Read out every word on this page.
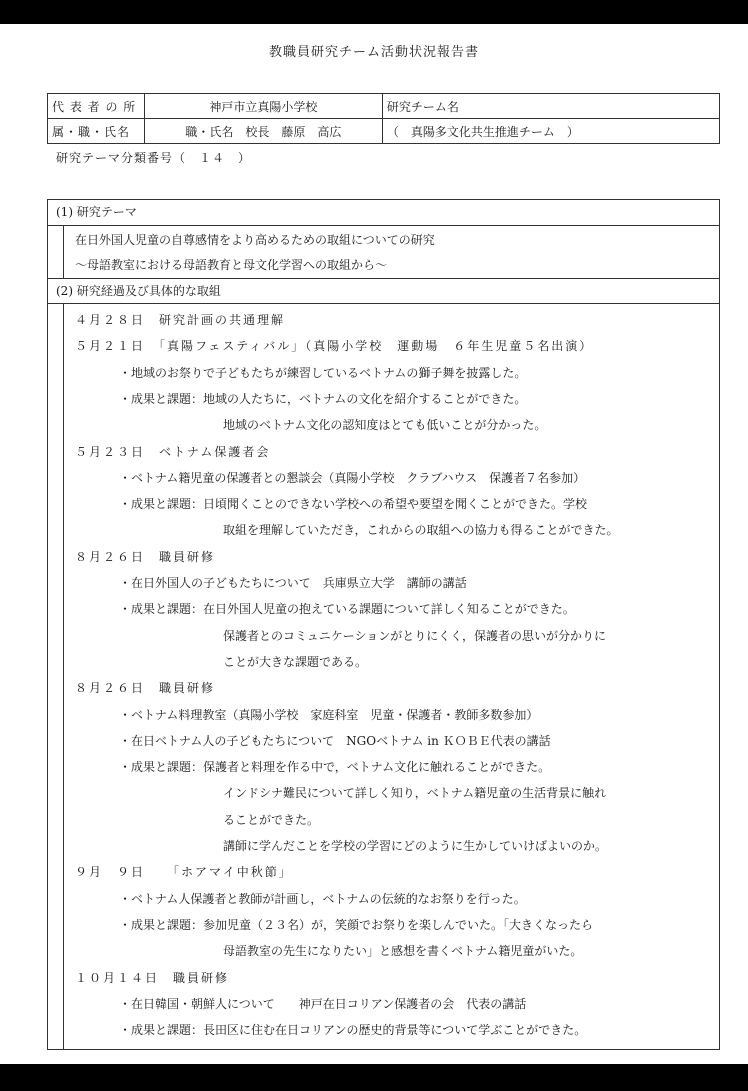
教職員研究チーム活動状況報告書
代 表 者 の 所	神戸市立真陽小学校	研究チーム名
属・職・氏名	職・氏名　校長　藤原　高広	（　真陽多文化共生推進チーム　）
研究テーマ分類番号（　１４　）
(1) 研究テーマ
在日外国人児童の自尊感情をより高めるための取組についての研究
～母語教室における母語教育と母文化学習への取組から～
(2) 研究経過及び具体的な取組
４月２８日　研究計画の共通理解
５月２１日　「真陽フェスティバル」（真陽小学校　運動場　６年生児童５名出演）
・地域のお祭りで子どもたちが練習しているベトナムの獅子舞を披露した。
・成果と課題：地域の人たちに，ベトナムの文化を紹介することができた。
地域のベトナム文化の認知度はとても低いことが分かった。
５月２３日　ベトナム保護者会
・ベトナム籍児童の保護者との懇談会（真陽小学校　クラブハウス　保護者７名参加）
・成果と課題：日頃聞くことのできない学校への希望や要望を聞くことができた。学校
取組を理解していただき，これからの取組への協力も得ることができた。
８月２６日　職員研修
・在日外国人の子どもたちについて　兵庫県立大学　講師の講話
・成果と課題：在日外国人児童の抱えている課題について詳しく知ることができた。
保護者とのコミュニケーションがとりにくく，保護者の思いが分かりに
ことが大きな課題である。
８月２６日　職員研修
・ベトナム料理教室（真陽小学校　家庭科室　児童・保護者・教師多数参加）
・在日ベトナム人の子どもたちについて　NGOベトナム in ＫＯＢＥ代表の講話
・成果と課題：保護者と料理を作る中で，ベトナム文化に触れることができた。
インドシナ難民について詳しく知り，ベトナム籍児童の生活背景に触れ
ることができた。
講師に学んだことを学校の学習にどのように生かしていけばよいのか。
９月　９日　　「ホアマイ中秋節」
・ベトナム人保護者と教師が計画し，ベトナムの伝統的なお祭りを行った。
・成果と課題：参加児童（２３名）が，笑顔でお祭りを楽しんでいた。「大きくなったら
母語教室の先生になりたい」と感想を書くベトナム籍児童がいた。
１０月１４日　職員研修
・在日韓国・朝鮮人について　　神戸在日コリアン保護者の会　代表の講話
・成果と課題：長田区に住む在日コリアンの歴史的背景等について学ぶことができた。
